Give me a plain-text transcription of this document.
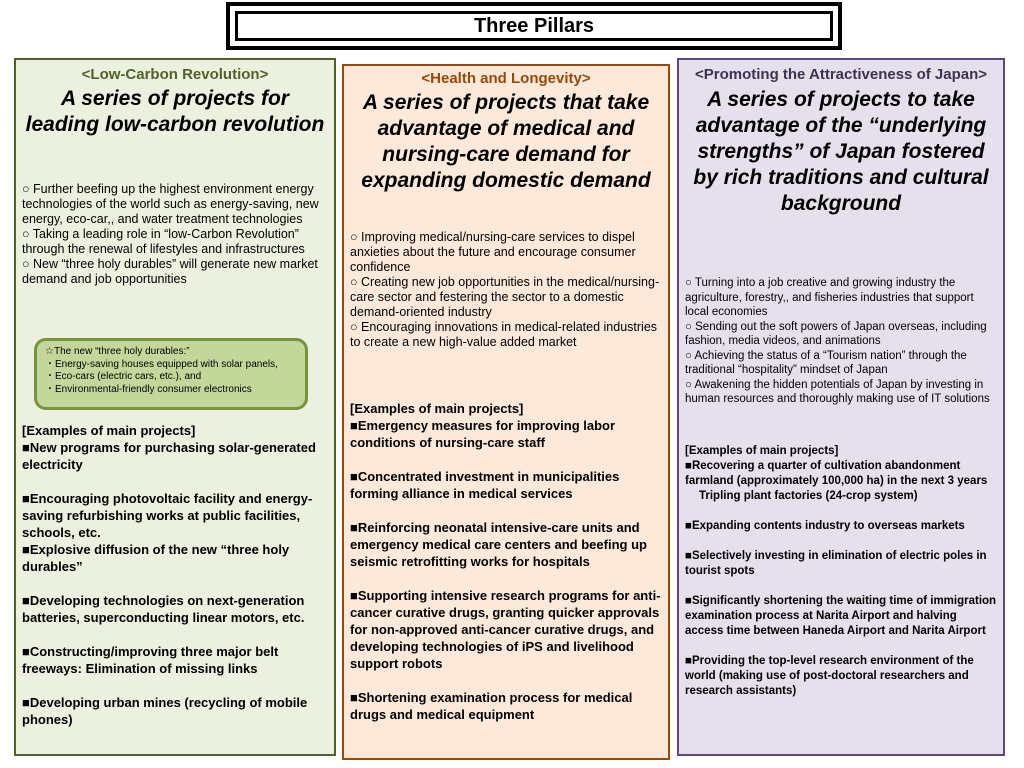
Three Pillars
<Low-Carbon Revolution>
A series of projects for leading low-carbon revolution
○ Further beefing up the highest environment energy technologies of the world such as energy-saving, new energy, eco-car,, and water treatment technologies
○ Taking a leading role in “low-Carbon Revolution” through the renewal of lifestyles and infrastructures
○ New “three holy durables” will generate new market demand and job opportunities
☆The new “three holy durables:”
・Energy-saving houses equipped with solar panels,
・Eco-cars (electric cars, etc.), and
・Environmental-friendly consumer electronics
[Examples of main projects]
■New programs for purchasing solar-generated electricity
■Encouraging photovoltaic facility and energy-saving refurbishing works at public facilities, schools, etc.
■Explosive diffusion of the new “three holy durables”
■Developing technologies on next-generation batteries, superconducting linear motors, etc.
■Constructing/improving three major belt freeways: Elimination of missing links
■Developing urban mines (recycling of mobile phones)
<Health and Longevity>
A series of projects that take advantage of medical and nursing-care demand for expanding domestic demand
○ Improving medical/nursing-care services to dispel anxieties about the future and encourage consumer confidence
○ Creating new job opportunities in the medical/nursing-care sector and festering the sector to a domestic demand-oriented industry
○ Encouraging innovations in medical-related industries to create a new high-value added market
[Examples of main projects]
■Emergency measures for improving labor conditions of nursing-care staff
■Concentrated investment in municipalities forming alliance in medical services
■Reinforcing neonatal intensive-care units and emergency medical care centers and beefing up seismic retrofitting works for hospitals
■Supporting intensive research programs for anti-cancer curative drugs, granting quicker approvals for non-approved anti-cancer curative drugs, and developing technologies of iPS and livelihood support robots
■Shortening examination process for medical drugs and medical equipment
<Promoting the Attractiveness of Japan>
A series of projects to take advantage of the “underlying strengths” of Japan fostered by rich traditions and cultural background
○ Turning into a job creative and growing industry the agriculture, forestry,, and fisheries industries that support local economies
○ Sending out the soft powers of Japan overseas, including fashion, media videos, and animations
○ Achieving the status of a “Tourism nation” through the traditional “hospitality” mindset of Japan
○ Awakening the hidden potentials of Japan by investing in human resources and thoroughly making use of IT solutions
[Examples of main projects]
■Recovering a quarter of cultivation abandonment farmland (approximately 100,000 ha) in the next 3 years
Tripling plant factories (24-crop system)
■Expanding contents industry to overseas markets
■Selectively investing in elimination of electric poles in tourist spots
■Significantly shortening the waiting time of immigration examination process at Narita Airport and halving access time between Haneda Airport and Narita Airport
■Providing the top-level research environment of the world (making use of post-doctoral researchers and research assistants)
